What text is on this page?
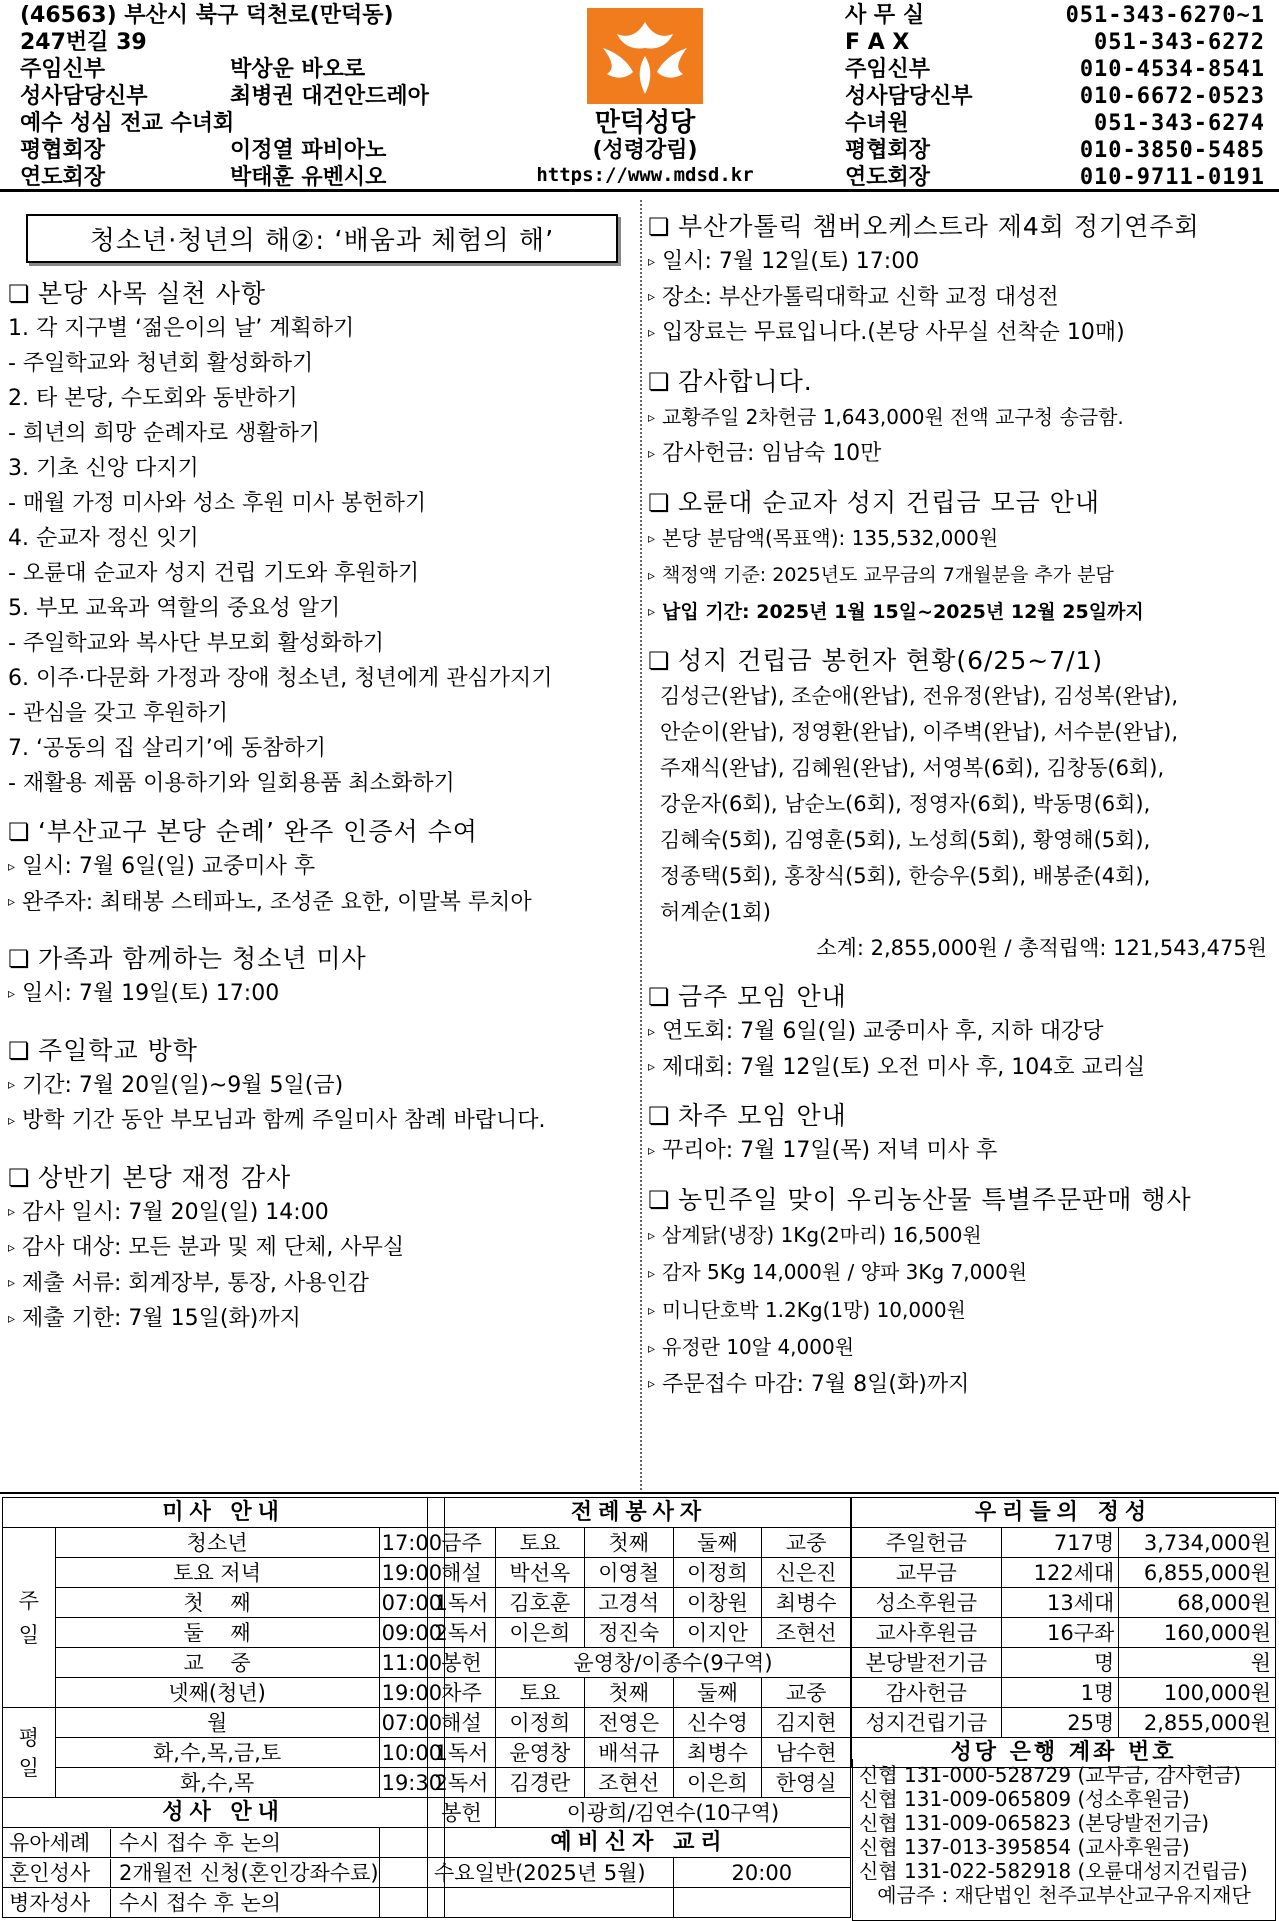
(46563) 부산시 북구 덕천로(만덕동)
247번길 39
주임신부	박상운 바오로
성사담당신부	최병권 대건안드레아
예수 성심 전교 수녀회
평협회장	이정열 파비아노
연도회장	박태훈 유벤시오
만덕성당
(성령강림)
https://www.mdsd.kr
사 무 실	051-343-6270~1
F A X	051-343-6272
주임신부	010-4534-8541
성사담당신부	010-6672-0523
수녀원	051-343-6274
평협회장	010-3850-5485
연도회장	010-9711-0191
청소년·청년의 해②: ‘배움과 체험의 해’
❏ 본당 사목 실천 사항
1. 각 지구별 ‘젊은이의 날’ 계획하기
- 주일학교와 청년회 활성화하기
2. 타 본당, 수도회와 동반하기
- 희년의 희망 순례자로 생활하기
3. 기초 신앙 다지기
- 매월 가정 미사와 성소 후원 미사 봉헌하기
4. 순교자 정신 잇기
- 오륜대 순교자 성지 건립 기도와 후원하기
5. 부모 교육과 역할의 중요성 알기
- 주일학교와 복사단 부모회 활성화하기
6. 이주·다문화 가정과 장애 청소년, 청년에게 관심가지기
- 관심을 갖고 후원하기
7. ‘공동의 집 살리기’에 동참하기
- 재활용 제품 이용하기와 일회용품 최소화하기
❏ ‘부산교구 본당 순례’ 완주 인증서 수여
▹ 일시: 7월 6일(일) 교중미사 후
▹ 완주자: 최태봉 스테파노, 조성준 요한, 이말복 루치아
❏ 가족과 함께하는 청소년 미사
▹ 일시: 7월 19일(토) 17:00
❏ 주일학교 방학
▹ 기간: 7월 20일(일)~9월 5일(금)
▹ 방학 기간 동안 부모님과 함께 주일미사 참례 바랍니다.
❏ 상반기 본당 재정 감사
▹ 감사 일시: 7월 20일(일) 14:00
▹ 감사 대상: 모든 분과 및 제 단체, 사무실
▹ 제출 서류: 회계장부, 통장, 사용인감
▹ 제출 기한: 7월 15일(화)까지
❏ 부산가톨릭 챔버오케스트라 제4회 정기연주회
▹ 일시: 7월 12일(토) 17:00
▹ 장소: 부산가톨릭대학교 신학 교정 대성전
▹ 입장료는 무료입니다.(본당 사무실 선착순 10매)
❏ 감사합니다.
▹ 교황주일 2차헌금 1,643,000원 전액 교구청 송금함.
▹ 감사헌금: 임남숙 10만
❏ 오륜대 순교자 성지 건립금 모금 안내
▹ 본당 분담액(목표액): 135,532,000원
▹ 책정액 기준: 2025년도 교무금의 7개월분을 추가 분담
▹ 납입 기간: 2025년 1월 15일~2025년 12월 25일까지
❏ 성지 건립금 봉헌자 현황(6/25~7/1)
김성근(완납), 조순애(완납), 전유정(완납), 김성복(완납),
안순이(완납), 정영환(완납), 이주벽(완납), 서수분(완납),
주재식(완납), 김혜원(완납), 서영복(6회), 김창동(6회),
강운자(6회), 남순노(6회), 정영자(6회), 박동명(6회),
김혜숙(5회), 김영훈(5회), 노성희(5회), 황영해(5회),
정종택(5회), 홍창식(5회), 한승우(5회), 배봉준(4회),
허계순(1회)
소계: 2,855,000원 / 총적립액: 121,543,475원
❏ 금주 모임 안내
▹ 연도회: 7월 6일(일) 교중미사 후, 지하 대강당
▹ 제대회: 7월 12일(토) 오전 미사 후, 104호 교리실
❏ 차주 모임 안내
▹ 꾸리아: 7월 17일(목) 저녁 미사 후
❏ 농민주일 맞이 우리농산물 특별주문판매 행사
▹ 삼계닭(냉장) 1Kg(2마리) 16,500원
▹ 감자 5Kg 14,000원 / 양파 3Kg 7,000원
▹ 미니단호박 1.2Kg(1망) 10,000원
▹ 유정란 10알 4,000원
▹ 주문접수 마감: 7월 8일(화)까지
미사 안내		
주
일	청소년	17:00
	토요 저녁	19:00
	첫    째	07:00
	둘    째	09:00
	교    중	11:00
	넷째(청년)	19:00
평
일	월	07:00
	화,수,목,금,토	10:00
	화,수,목	19:30
성사 안내		

유아세례 수시 접수 후 논의		

혼인성사 2개월전 신청(혼인강좌수료)		

병자성사 수시 접수 후 논의		

전례봉사자				
금주	토요	첫째	둘째	교중
해설	박선옥	이영철	이정희	신은진
1독서	김호훈	고경석	이창원	최병수
2독서	이은희	정진숙	이지안	조현선
봉헌	윤영창/이종수(9구역)			
차주	토요	첫째	둘째	교중
해설	이정희	전영은	신수영	김지현
1독서	윤영창	배석규	최병수	남수현
2독서	김경란	조현선	이은희	한영실
봉헌	이광희/김연수(10구역)			
예비신자 교리				
수요일반(2025년 5월)			20:00	

우리들의 정성		
주일헌금	717명	3,734,000원
교무금	122세대	6,855,000원
성소후원금	13세대	68,000원
교사후원금	16구좌	160,000원
본당발전기금	명	원
감사헌금	1명	100,000원
성지건립기금	25명	2,855,000원
성당 은행 계좌 번호		
신협 131-000-528729 (교무금, 감사헌금)
신협 131-009-065809 (성소후원금)
신협 131-009-065823 (본당발전기금)
신협 137-013-395854 (교사후원금)
신협 131-022-582918 (오륜대성지건립금)
예금주 : 재단법인 천주교부산교구유지재단
